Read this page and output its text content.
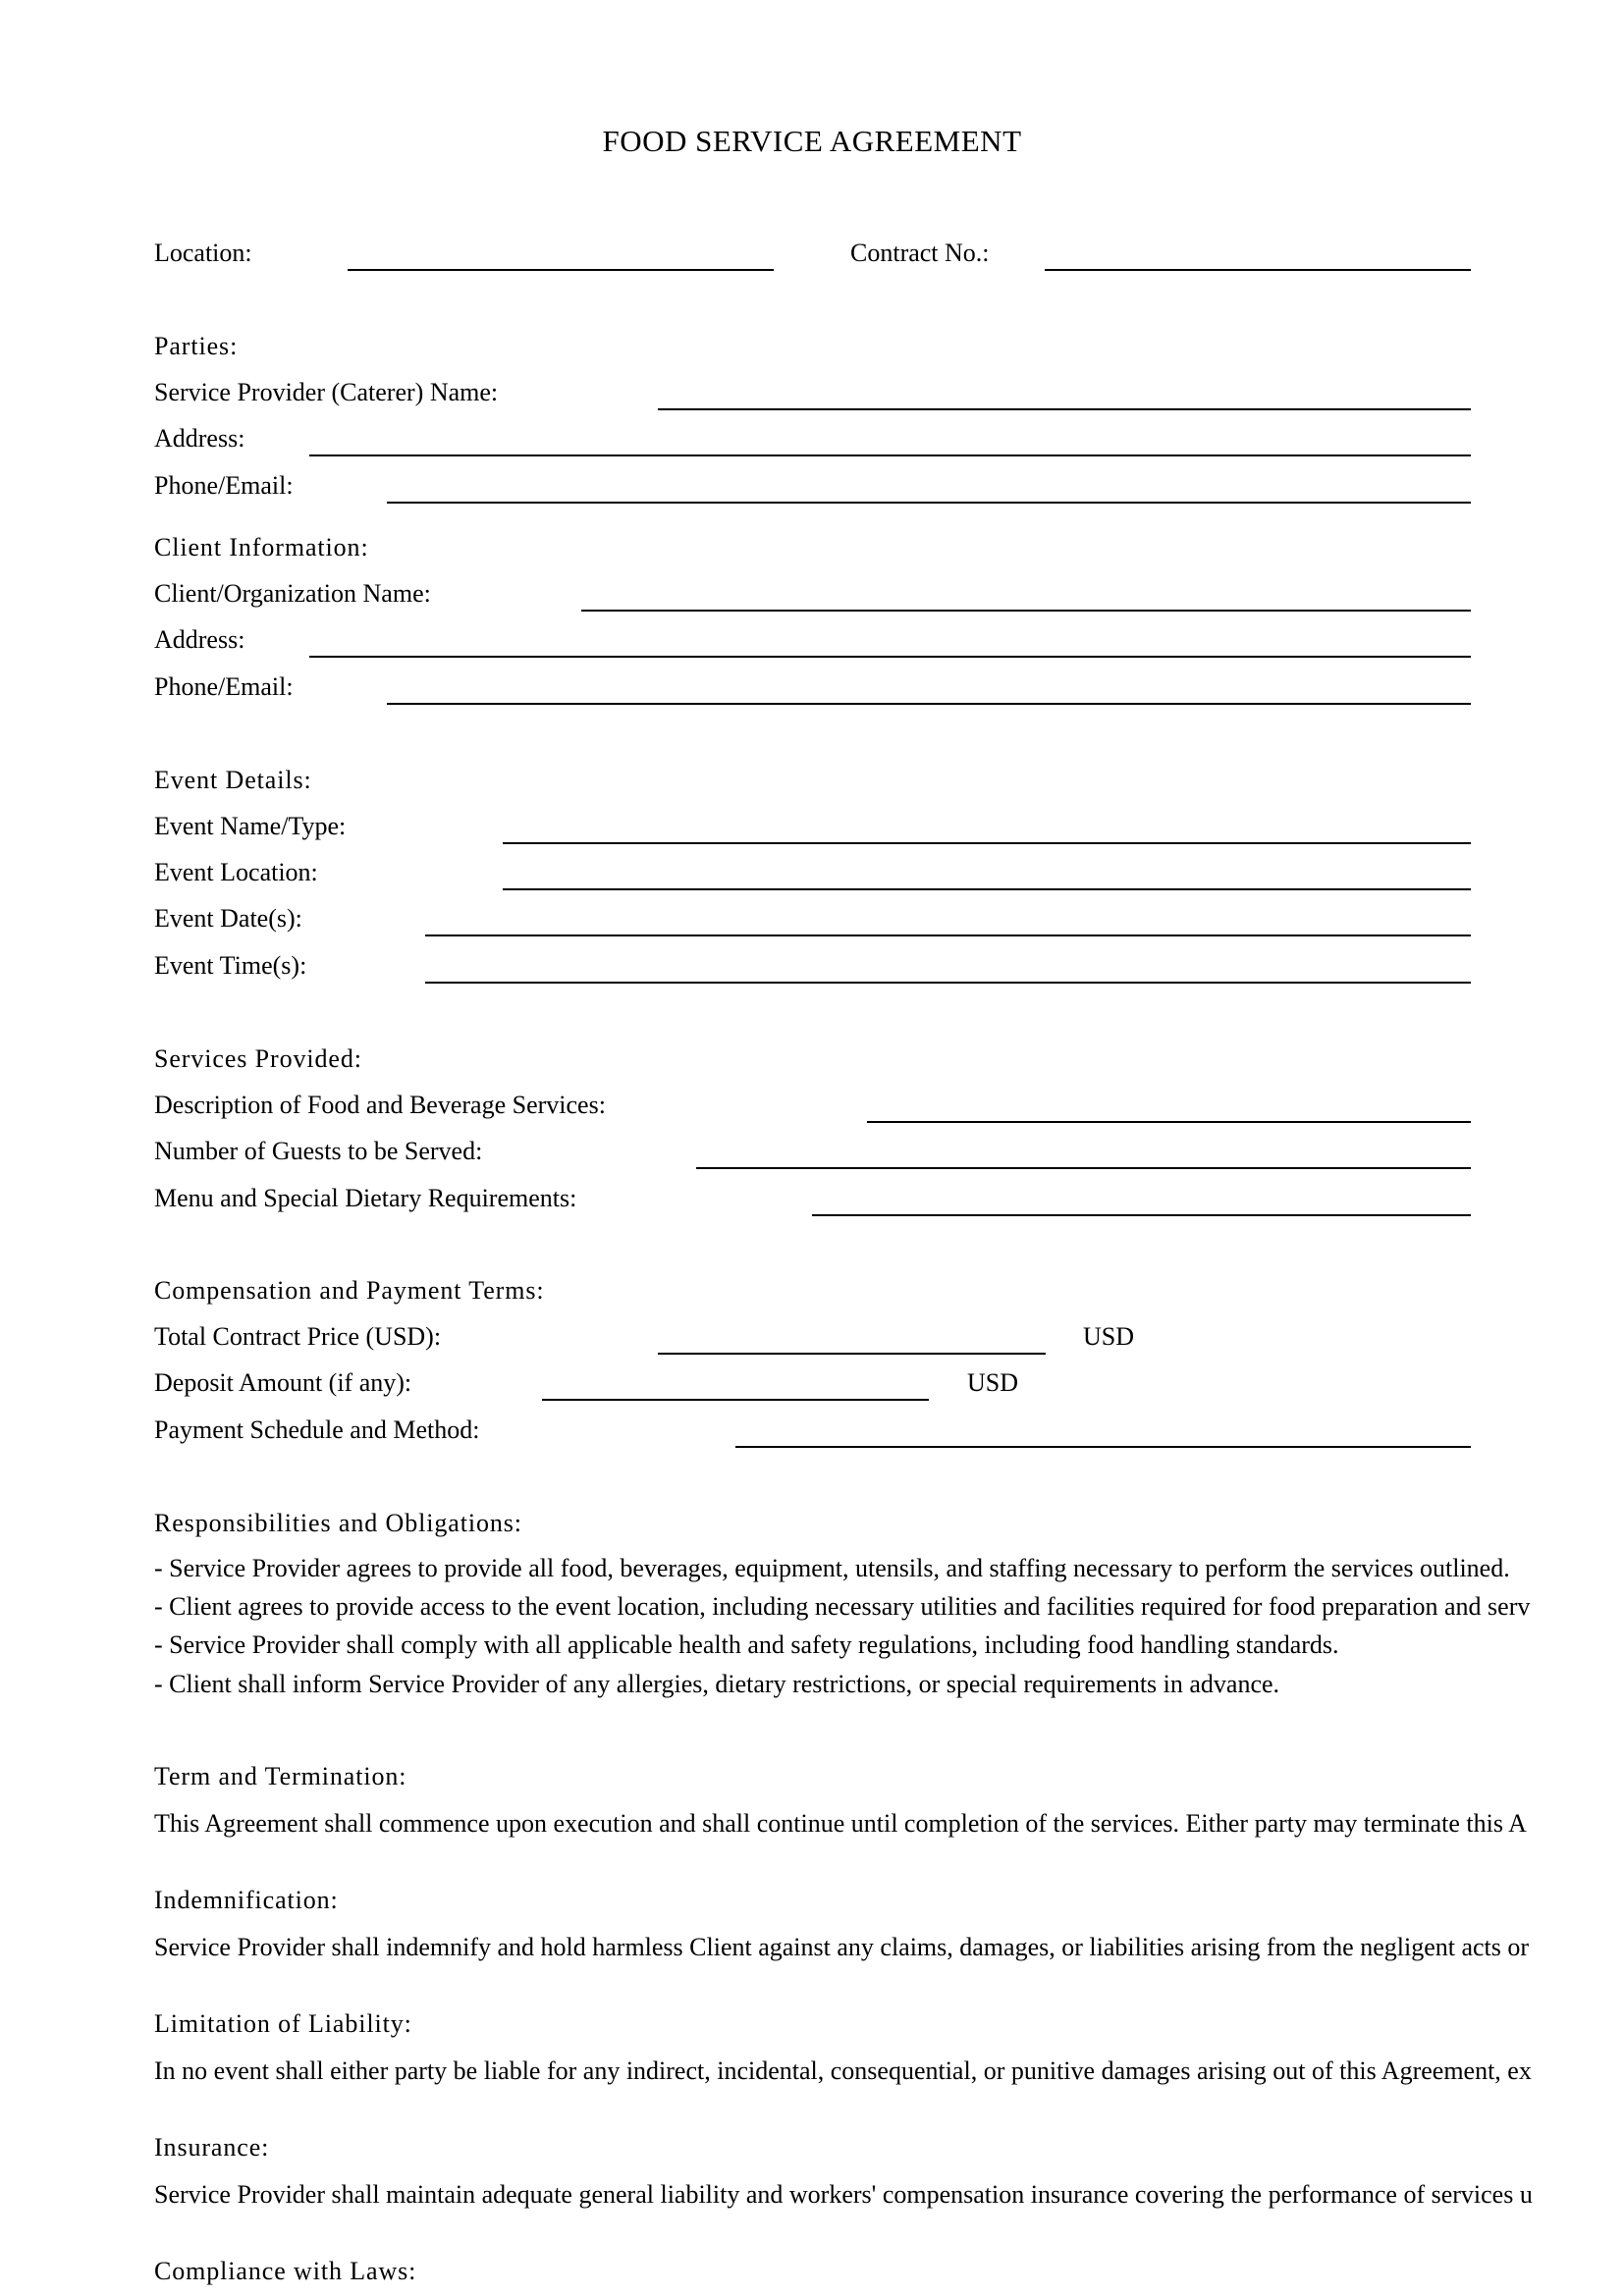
FOOD SERVICE AGREEMENT
Location:	Contract No.:
Parties:
Service Provider (Caterer) Name:
Address:
Phone/Email:
Client Information:
Client/Organization Name:
Address:
Phone/Email:
Event Details:
Event Name/Type:
Event Location:
Event Date(s):
Event Time(s):
Services Provided:
Description of Food and Beverage Services:
Number of Guests to be Served:
Menu and Special Dietary Requirements:
Compensation and Payment Terms:
Total Contract Price (USD):	USD
Deposit Amount (if any):	USD
Payment Schedule and Method:
Responsibilities and Obligations:
- Service Provider agrees to provide all food, beverages, equipment, utensils, and staffing necessary to perform the services outlined.
- Client agrees to provide access to the event location, including necessary utilities and facilities required for food preparation and serv
- Service Provider shall comply with all applicable health and safety regulations, including food handling standards.
- Client shall inform Service Provider of any allergies, dietary restrictions, or special requirements in advance.
Term and Termination:
This Agreement shall commence upon execution and shall continue until completion of the services. Either party may terminate this A
Indemnification:
Service Provider shall indemnify and hold harmless Client against any claims, damages, or liabilities arising from the negligent acts or
Limitation of Liability:
In no event shall either party be liable for any indirect, incidental, consequential, or punitive damages arising out of this Agreement, ex
Insurance:
Service Provider shall maintain adequate general liability and workers' compensation insurance covering the performance of services u
Compliance with Laws:
